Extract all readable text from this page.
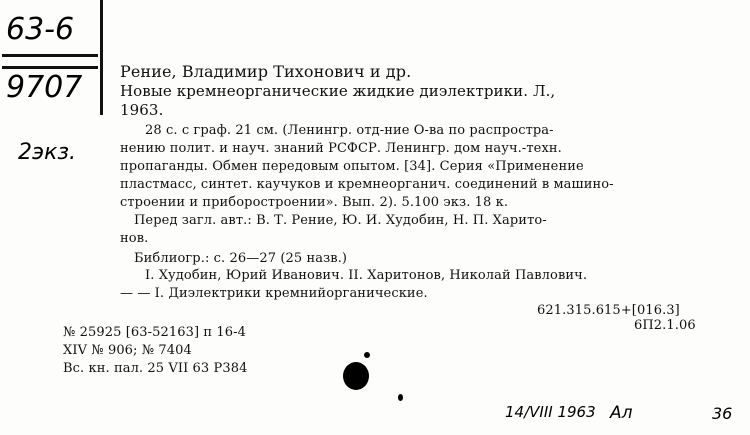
63-6
9707
2экз.
Рение, Владимир Тихонович и др.
Новые кремнеорганические жидкие диэлектрики. Л.,
1963.
28 с. с граф. 21 см. (Ленингр. отд-ние О-ва по распростра-
нению полит. и науч. знаний РСФСР. Ленингр. дом науч.-техн.
пропаганды. Обмен передовым опытом. [34]. Серия «Применение
пластмасс, синтет. каучуков и кремнеорганич. соединений в машино-
строении и приборостроении». Вып. 2). 5.100 экз. 18 к.
Перед загл. авт.: В. Т. Рение, Ю. И. Худобин, Н. П. Харито-
нов.
Библиогр.: с. 26—27 (25 назв.)
I. Худобин, Юрий Иванович. II. Харитонов, Николай Павлович.
— — I. Диэлектрики кремнийорганические.
621.315.615+[016.3]
6П2.1.06
№ 25925 [63-52163] п 16-4
XIV № 906; № 7404
Вс. кн. пал. 25 VII 63 Р384
14/VIII 1963 Ал	36
